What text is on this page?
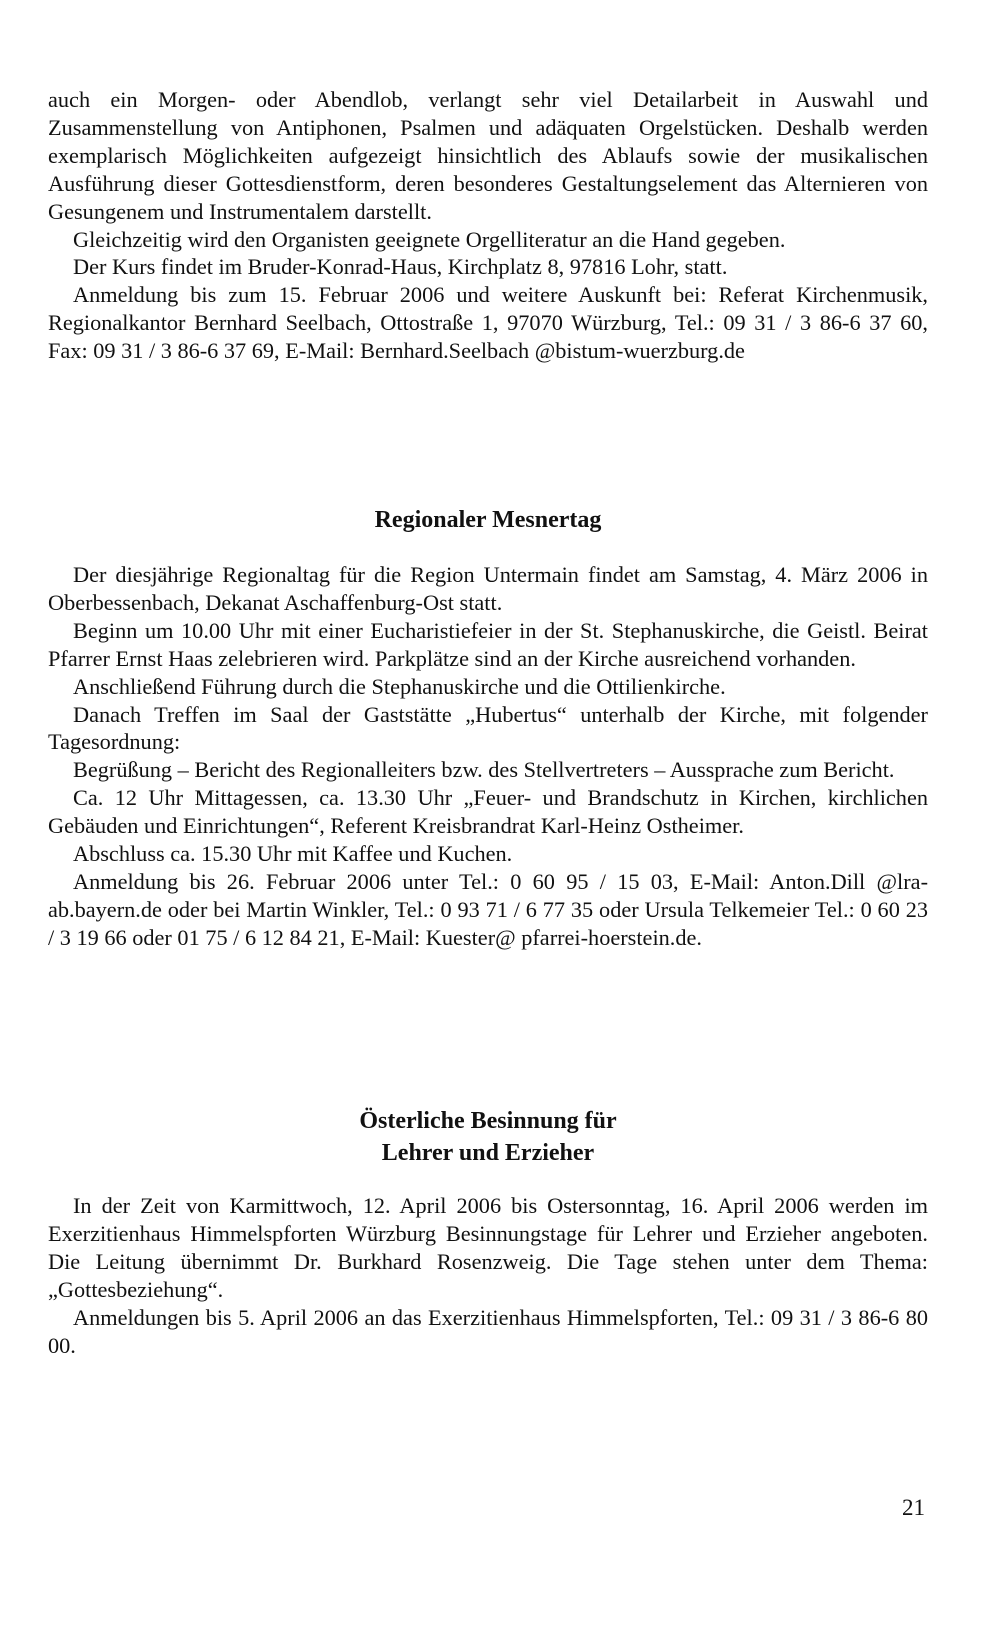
auch ein Morgen- oder Abendlob, verlangt sehr viel Detailarbeit in Auswahl und Zusammenstellung von Antiphonen, Psalmen und adäquaten Orgelstücken. Deshalb werden exemplarisch Möglichkeiten aufgezeigt hinsichtlich des Ablaufs sowie der musikalischen Ausführung dieser Gottesdienstform, deren besonderes Gestaltungselement das Alternieren von Gesungenem und Instrumentalem darstellt.

Gleichzeitig wird den Organisten geeignete Orgelliteratur an die Hand gegeben.

Der Kurs findet im Bruder-Konrad-Haus, Kirchplatz 8, 97816 Lohr, statt.

Anmeldung bis zum 15. Februar 2006 und weitere Auskunft bei: Referat Kirchenmusik, Regionalkantor Bernhard Seelbach, Ottostraße 1, 97070 Würzburg, Tel.: 09 31 / 3 86-6 37 60, Fax: 09 31 / 3 86-6 37 69, E-Mail: Bernhard.Seelbach @bistum-wuerzburg.de

Regionaler Mesnertag

Der diesjährige Regionaltag für die Region Untermain findet am Samstag, 4. März 2006 in Oberbessenbach, Dekanat Aschaffenburg-Ost statt.

Beginn um 10.00 Uhr mit einer Eucharistiefeier in der St. Stephanuskirche, die Geistl. Beirat Pfarrer Ernst Haas zelebrieren wird. Parkplätze sind an der Kirche ausreichend vorhanden.

Anschließend Führung durch die Stephanuskirche und die Ottilienkirche.

Danach Treffen im Saal der Gaststätte „Hubertus“ unterhalb der Kirche, mit folgender Tagesordnung:

Begrüßung – Bericht des Regionalleiters bzw. des Stellvertreters – Aussprache zum Bericht.

Ca. 12 Uhr Mittagessen, ca. 13.30 Uhr „Feuer- und Brandschutz in Kirchen, kirchlichen Gebäuden und Einrichtungen“, Referent Kreisbrandrat Karl-Heinz Ostheimer.

Abschluss ca. 15.30 Uhr mit Kaffee und Kuchen.

Anmeldung bis 26. Februar 2006 unter Tel.: 0 60 95 / 15 03, E-Mail: Anton.Dill @lra-ab.bayern.de oder bei Martin Winkler, Tel.: 0 93 71 / 6 77 35 oder Ursula Telkemeier Tel.: 0 60 23 / 3 19 66 oder 01 75 / 6 12 84 21, E-Mail: Kuester@ pfarrei-hoerstein.de.

Österliche Besinnung für
Lehrer und Erzieher

In der Zeit von Karmittwoch, 12. April 2006 bis Ostersonntag, 16. April 2006 werden im Exerzitienhaus Himmelspforten Würzburg Besinnungstage für Lehrer und Erzieher angeboten. Die Leitung übernimmt Dr. Burkhard Rosenzweig. Die Tage stehen unter dem Thema: „Gottesbeziehung“.

Anmeldungen bis 5. April 2006 an das Exerzitienhaus Himmelspforten, Tel.: 09 31 / 3 86-6 80 00.

21
